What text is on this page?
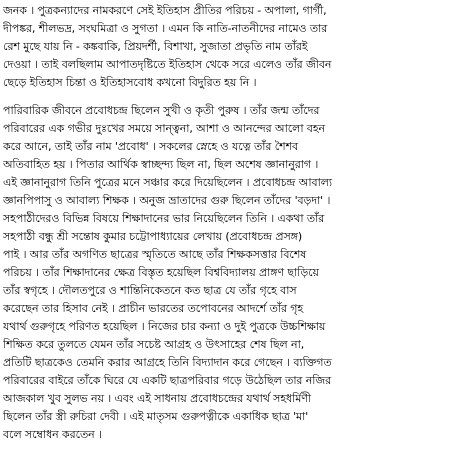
জনক । পুত্রকন্যাদের নামকরণে সেই ইতিহাস প্রীতির পরিচয় - অপালা, গার্গী,
দীপঙ্কর, শীলভদ্র, সংঘমিত্রা ও সুগতা । এমন কি নাতি-নাতনীদের নামেও তার
রেশ মুছে যায় নি - কঙ্কবাকি, প্রিয়দর্শী, বিশাখা, সুজাতা প্রভৃতি নাম তাঁরই
দেওয়া । তাই বলছিলাম আপাতদৃষ্টিতে ইতিহাস থেকে সরে এলেও তাঁর জীবন
ছেড়ে ইতিহাস চিন্তা ও ইতিহাসবোধ কখনো বিদুরিত হয় নি ।
পারিবারিক জীবনে প্রবোধচন্দ্র ছিলেন সুখী ও কৃতী পুরুষ । তাঁর জন্ম তাঁদের
পরিবারের এক গভীর দুঃখের সময়ে সান্ত্বনা, আশা ও আনন্দের আলো বহন
করে আনে, তাই তাঁর নাম 'প্রবোধ' । সকলের স্নেহে ও যত্নে তাঁর শৈশব
অতিবাহিত হয় । পিতার আর্থিক স্বাচ্ছন্দ্য ছিল না, ছিল অশেষ জ্ঞানানুরাগ ।
এই জ্ঞানানুরাগ তিনি পুত্রের মনে সঞ্চার করে দিয়েছিলেন । প্রবোধচন্দ্র আবাল্য
জ্ঞানপিপাসু ও আবাল্য শিক্ষক । অনুজ ভ্রাতাদের গুরু ছিলেন তাঁদের 'বড়দা' ।
সহপাঠীদেরও বিভিন্ন বিষয়ে শিক্ষাদানের ভার নিয়েছিলেন তিনি । একথা তাঁর
সহপাঠী বন্ধু শ্রী সন্তোষ কুমার চট্টোপাধ্যায়ের লেখায় (প্রবোধচন্দ্র প্রসঙ্গ)
পাই । আর তাঁর অগণিত ছাত্রের স্মৃতিতে আছে তাঁর শিক্ষকসত্তার বিশেষ
পরিচয় । তাঁর শিক্ষাদানের ক্ষেত্র বিস্তৃত হয়েছিল বিশ্ববিদ্যালয় প্রাঙ্গণ ছাড়িয়ে
তাঁর স্বগৃহে । দৌলতপুরে ও শান্তিনিকেতনে কত ছাত্র যে তাঁর গৃহে বাস
করেছেন তার হিসাব নেই । প্রাচীন ভারতের তপোবনের আদর্শে তাঁর গৃহ
যথার্থ গুরুগৃহে পরিণত হয়েছিল । নিজের চার কন্যা ও দুই পুত্রকে উচ্চশিক্ষায়
শিক্ষিত করে তুলতে যেমন তাঁর সচেষ্ট আগ্রহ ও উৎসাহের শেষ ছিল না,
প্রতিটি ছাত্রকেও তেমনি করার আগ্রহে তিনি বিদ্যাদান করে গেছেন । ব্যক্তিগত
পরিবারের বাইরে তাঁকে ঘিরে যে একটি ছাত্রপরিবার গড়ে উঠেছিল তার নজির
আজকাল খুব সুলভ নয় । এবং এই সাধনায় প্রবোধচন্দ্রের যথার্থ সহধর্মিণী
ছিলেন তাঁর স্ত্রী রুচিরা দেবী । এই মাতৃসম গুরুপত্নীকে একাধিক ছাত্র 'মা'
বলে সম্বোধন করতেন ।
